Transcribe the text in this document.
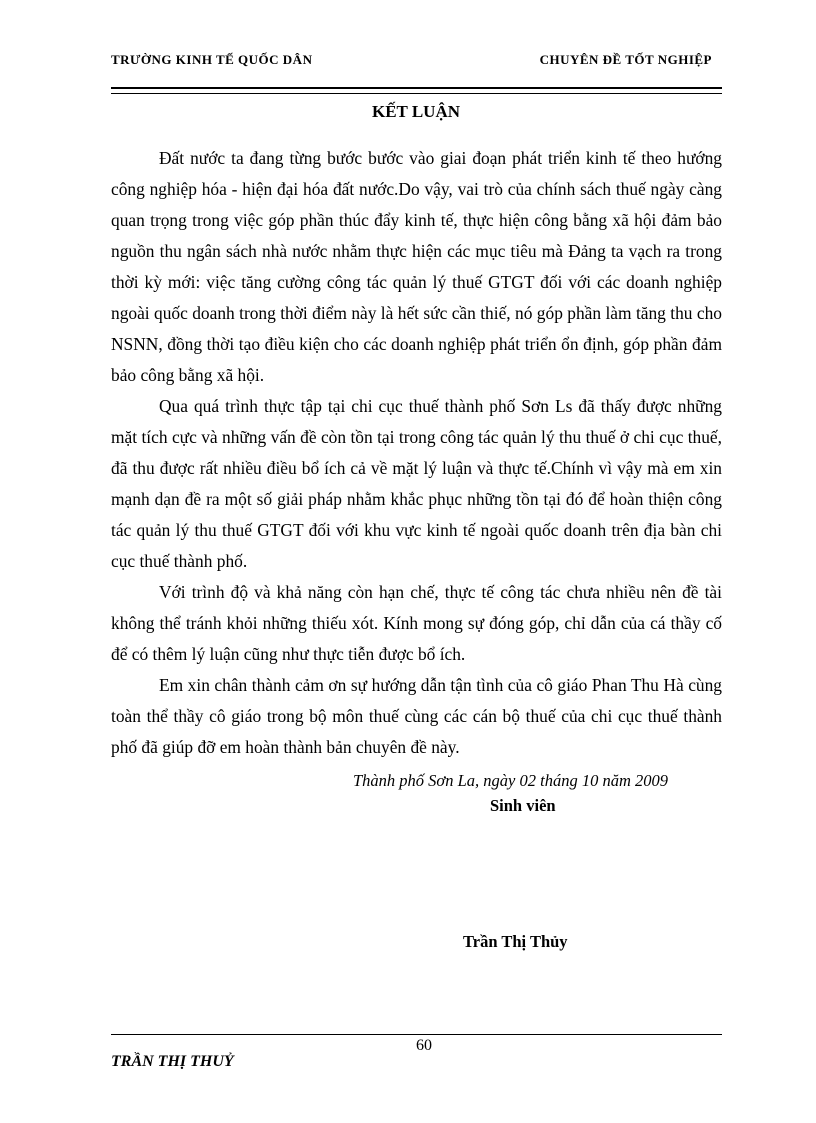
TRƯỜNG KINH TẾ QUỐC DÂN	CHUYÊN ĐỀ TỐT NGHIỆP
KẾT LUẬN

Đất nước ta đang từng bước bước vào giai đoạn phát triển kinh tế theo hướng công nghiệp hóa - hiện đại hóa đất nước.Do vậy, vai trò của chính sách thuế ngày càng quan trọng trong việc góp phần thúc đẩy kinh tế, thực hiện công bằng xã hội đảm bảo nguồn thu ngân sách nhà nước nhằm thực hiện các mục tiêu mà Đảng ta vạch ra trong thời kỳ mới: việc tăng cường công tác quản lý thuế GTGT đối với các doanh nghiệp ngoài quốc doanh trong thời điểm này là hết sức cần thiế, nó góp phần làm tăng thu cho NSNN, đồng thời tạo điều kiện cho các doanh nghiệp phát triển ổn định, góp phần đảm bảo công bằng xã hội.

Qua quá trình thực tập tại chi cục thuế thành phố Sơn Ls đã thấy được những mặt tích cực và những vấn đề còn tồn tại trong công tác quản lý thu thuế ở chi cục thuế, đã thu được rất nhiều điều bổ ích cả về mặt lý luận và thực tế.Chính vì vậy mà em xin mạnh dạn đề ra một số giải pháp nhằm khắc phục những tồn tại đó để hoàn thiện công tác quản lý thu thuế GTGT đối với khu vực kinh tế ngoài quốc doanh trên địa bàn chi cục thuế thành phố.

Với trình độ và khả năng còn hạn chế, thực tế công tác chưa nhiều nên đề tài không thể tránh khỏi những thiếu xót. Kính mong sự đóng góp, chỉ dẫn của cá thầy cố để có thêm lý luận cũng như thực tiễn được bổ ích.

Em xin chân thành cảm ơn sự hướng dẫn tận tình của cô giáo Phan Thu Hà cùng toàn thể thầy cô giáo trong bộ môn thuế cùng các cán bộ thuế của chi cục thuế thành phố đã giúp đỡ em hoàn thành bản chuyên đề này.

Thành phố Sơn La, ngày 02 tháng 10 năm 2009
Sinh viên
Trần Thị Thủy
60
TRẦN THỊ THUỶ
